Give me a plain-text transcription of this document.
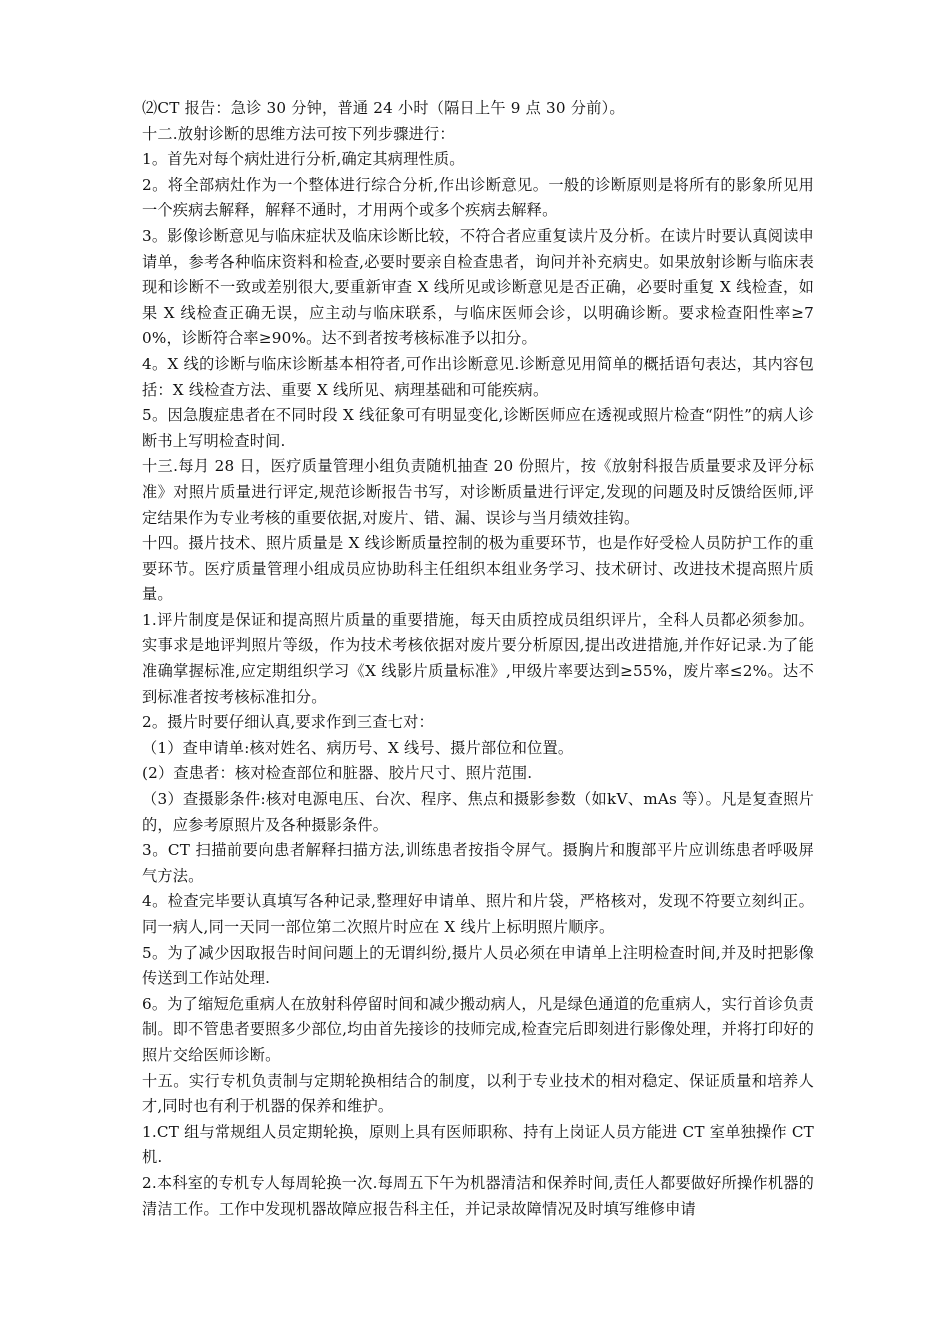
⑵CT 报告：急诊 30 分钟，普通 24 小时（隔日上午 9 点 30 分前）。

十二.放射诊断的思维方法可按下列步骤进行：

1。首先对每个病灶进行分析,确定其病理性质。

2。将全部病灶作为一个整体进行综合分析,作出诊断意见。一般的诊断原则是将所有的影象所见用一个疾病去解释，解释不通时，才用两个或多个疾病去解释。

3。影像诊断意见与临床症状及临床诊断比较，不符合者应重复读片及分析。在读片时要认真阅读申请单，参考各种临床资料和检查,必要时要亲自检查患者，询问并补充病史。如果放射诊断与临床表现和诊断不一致或差别很大,要重新审查 X 线所见或诊断意见是否正确，必要时重复 X 线检查，如果 X 线检查正确无误，应主动与临床联系，与临床医师会诊，以明确诊断。要求检查阳性率≥70%，诊断符合率≥90%。达不到者按考核标准予以扣分。

4。X 线的诊断与临床诊断基本相符者,可作出诊断意见.诊断意见用简单的概括语句表达，其内容包括：X 线检查方法、重要 X 线所见、病理基础和可能疾病。

5。因急腹症患者在不同时段 X 线征象可有明显变化,诊断医师应在透视或照片检查“阴性”的病人诊断书上写明检查时间.

十三.每月 28 日，医疗质量管理小组负责随机抽查 20 份照片，按《放射科报告质量要求及评分标准》对照片质量进行评定,规范诊断报告书写，对诊断质量进行评定,发现的问题及时反馈给医师,评定结果作为专业考核的重要依据,对废片、错、漏、误诊与当月绩效挂钩。

十四。摄片技术、照片质量是 X 线诊断质量控制的极为重要环节，也是作好受检人员防护工作的重要环节。医疗质量管理小组成员应协助科主任组织本组业务学习、技术研讨、改进技术提高照片质量。

1.评片制度是保证和提高照片质量的重要措施，每天由质控成员组织评片，全科人员都必须参加。实事求是地评判照片等级，作为技术考核依据对废片要分析原因,提出改进措施,并作好记录.为了能准确掌握标准,应定期组织学习《X 线影片质量标准》,甲级片率要达到≥55%，废片率≤2%。达不到标准者按考核标准扣分。

2。摄片时要仔细认真,要求作到三查七对：

（1）查申请单:核对姓名、病历号、X 线号、摄片部位和位置。

(2）查患者：核对检查部位和脏器、胶片尺寸、照片范围.

（3）查摄影条件:核对电源电压、台次、程序、焦点和摄影参数（如kV、mAs 等）。凡是复查照片的，应参考原照片及各种摄影条件。

3。CT 扫描前要向患者解释扫描方法,训练患者按指令屏气。摄胸片和腹部平片应训练患者呼吸屏气方法。

4。检查完毕要认真填写各种记录,整理好申请单、照片和片袋，严格核对，发现不符要立刻纠正。同一病人,同一天同一部位第二次照片时应在 X 线片上标明照片顺序。

5。为了减少因取报告时间问题上的无谓纠纷,摄片人员必须在申请单上注明检查时间,并及时把影像传送到工作站处理.

6。为了缩短危重病人在放射科停留时间和减少搬动病人，凡是绿色通道的危重病人，实行首诊负责制。即不管患者要照多少部位,均由首先接诊的技师完成,检查完后即刻进行影像处理，并将打印好的照片交给医师诊断。

十五。实行专机负责制与定期轮换相结合的制度，以利于专业技术的相对稳定、保证质量和培养人才,同时也有利于机器的保养和维护。

1.CT 组与常规组人员定期轮换，原则上具有医师职称、持有上岗证人员方能进 CT 室单独操作 CT 机.

2.本科室的专机专人每周轮换一次.每周五下午为机器清洁和保养时间,责任人都要做好所操作机器的清洁工作。工作中发现机器故障应报告科主任，并记录故障情况及时填写维修申请
